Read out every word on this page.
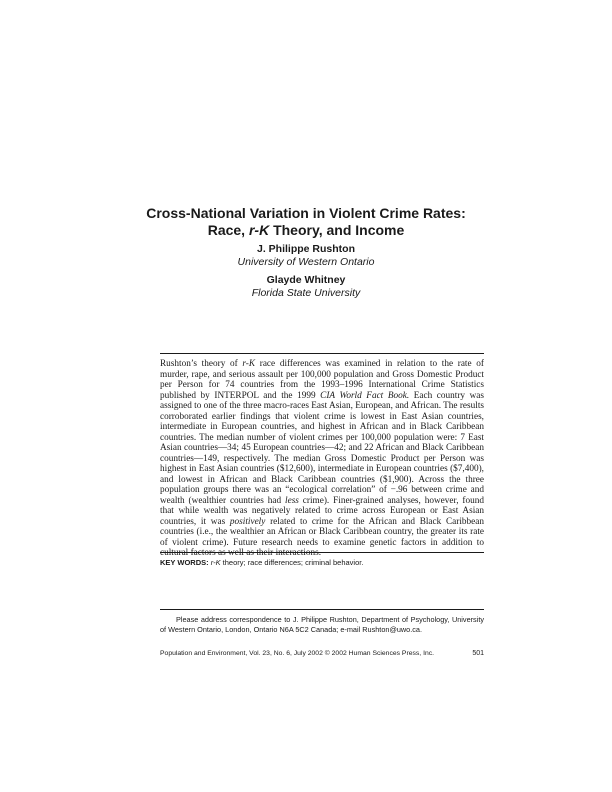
Cross-National Variation in Violent Crime Rates:
Race, r-K Theory, and Income
J. Philippe Rushton
University of Western Ontario
Glayde Whitney
Florida State University
Rushton’s theory of r-K race differences was examined in relation to the rate of murder, rape, and serious assault per 100,000 population and Gross Domestic Product per Person for 74 countries from the 1993–1996 International Crime Statistics published by INTERPOL and the 1999 CIA World Fact Book. Each country was assigned to one of the three macro-races East Asian, European, and African. The results corroborated earlier findings that violent crime is lowest in East Asian countries, intermediate in European countries, and highest in African and in Black Caribbean countries. The median number of violent crimes per 100,000 population were: 7 East Asian countries—34; 45 European countries—42; and 22 African and Black Caribbean countries—149, respectively. The median Gross Domestic Product per Person was highest in East Asian countries ($12,600), intermediate in European countries ($7,400), and lowest in African and Black Caribbean countries ($1,900). Across the three population groups there was an “ecological correlation” of −.96 between crime and wealth (wealthier countries had less crime). Finer-grained analyses, however, found that while wealth was negatively related to crime across European or East Asian countries, it was positively related to crime for the African and Black Caribbean countries (i.e., the wealthier an African or Black Caribbean country, the greater its rate of violent crime). Future research needs to examine genetic factors in addition to cultural factors as well as their interactions.
KEY WORDS: r-K theory; race differences; criminal behavior.
Please address correspondence to J. Philippe Rushton, Department of Psychology, University of Western Ontario, London, Ontario N6A 5C2 Canada; e-mail Rushton@uwo.ca.
Population and Environment, Vol. 23, No. 6, July 2002 © 2002 Human Sciences Press, Inc.	501
